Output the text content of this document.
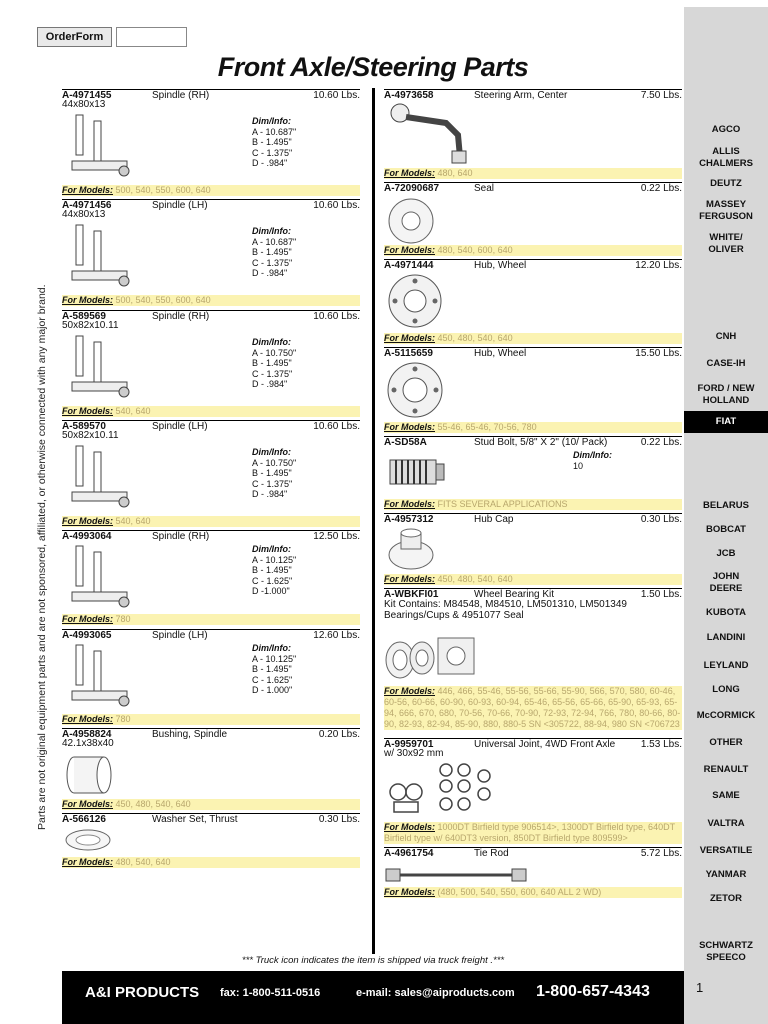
Parts are not original equipment parts and are not sponsored, affiliated, or otherwise connected with any major brand.
OrderForm
Front Axle/Steering Parts
A-4971455	Spindle (RH)	10.60 Lbs.
44x80x13
Dim/Info:
A - 10.687"
B - 1.495"
C - 1.375"
D - .984"
For Models: 500, 540, 550, 600, 640
A-4971456	Spindle (LH)	10.60 Lbs.
44x80x13
Dim/Info:
A - 10.687"
B - 1.495"
C - 1.375"
D - .984"
For Models: 500, 540, 550, 600, 640
A-589569	Spindle (RH)	10.60 Lbs.
50x82x10.11
Dim/Info:
A - 10.750"
B - 1.495"
C - 1.375"
D - .984"
For Models: 540, 640
A-589570	Spindle (LH)	10.60 Lbs.
50x82x10.11
Dim/Info:
A - 10.750"
B - 1.495"
C - 1.375"
D - .984"
For Models: 540, 640
A-4993064	Spindle (RH)	12.50 Lbs.
Dim/Info:
A - 10.125"
B - 1.495"
C - 1.625"
D -1.000"
For Models: 780
A-4993065	Spindle (LH)	12.60 Lbs.
Dim/Info:
A - 10.125"
B - 1.495"
C - 1.625"
D - 1.000"
For Models: 780
A-4958824	Bushing, Spindle	0.20 Lbs.
42.1x38x40
For Models: 450, 480, 540, 640
A-566126	Washer Set, Thrust	0.30 Lbs.
For Models: 480, 540, 640
A-4973658	Steering Arm, Center	7.50 Lbs.
For Models: 480, 640
A-72090687	Seal	0.22 Lbs.
For Models: 480, 540, 600, 640
A-4971444	Hub, Wheel	12.20 Lbs.
For Models: 450, 480, 540, 640
A-5115659	Hub, Wheel	15.50 Lbs.
For Models: 55-46, 65-46, 70-56, 780
A-SD58A	Stud Bolt, 5/8" X 2" (10/ Pack)	0.22 Lbs.
Dim/Info:
10
For Models: FITS SEVERAL APPLICATIONS
A-4957312	Hub Cap	0.30 Lbs.
For Models: 450, 480, 540, 640
A-WBKFI01	Wheel Bearing Kit	1.50 Lbs.
Kit Contains: M84548, M84510, LM501310, LM501349 Bearings/Cups & 4951077 Seal
For Models: 446, 466, 55-46, 55-56, 55-66, 55-90, 566, 570, 580, 60-46, 60-56, 60-66, 60-90, 60-93, 60-94, 65-46, 65-56, 65-66, 65-90, 65-93, 65-94, 666, 670, 680, 70-56, 70-66, 70-90, 72-93, 72-94, 766, 780, 80-66, 80-90, 82-93, 82-94, 85-90, 880, 880-5 SN <305722, 88-94, 980 SN <706723
A-9959701	Universal Joint, 4WD Front Axle	1.53 Lbs.
w/ 30x92 mm
For Models: 1000DT Birfield type 906514>, 1300DT Birfield type, 640DT Birfield type w/ 640DT3 version, 850DT Birfield type 809599>
A-4961754	Tie Rod	5.72 Lbs.
For Models: (480, 500, 540, 550, 600, 640 ALL 2 WD)
AGCO
ALLIS CHALMERS
DEUTZ
MASSEY FERGUSON
WHITE/ OLIVER
CNH
CASE-IH
FORD / NEW HOLLAND
FIAT
BELARUS
BOBCAT
JCB
JOHN DEERE
KUBOTA
LANDINI
LEYLAND
LONG
McCORMICK
OTHER
RENAULT
SAME
VALTRA
VERSATILE
YANMAR
ZETOR
SCHWARTZ SPEECO
*** Truck icon indicates the item is shipped via truck freight .***
A&I PRODUCTS fax: 1-800-511-0516	e-mail: sales@aiproducts.com 1-800-657-4343	1
